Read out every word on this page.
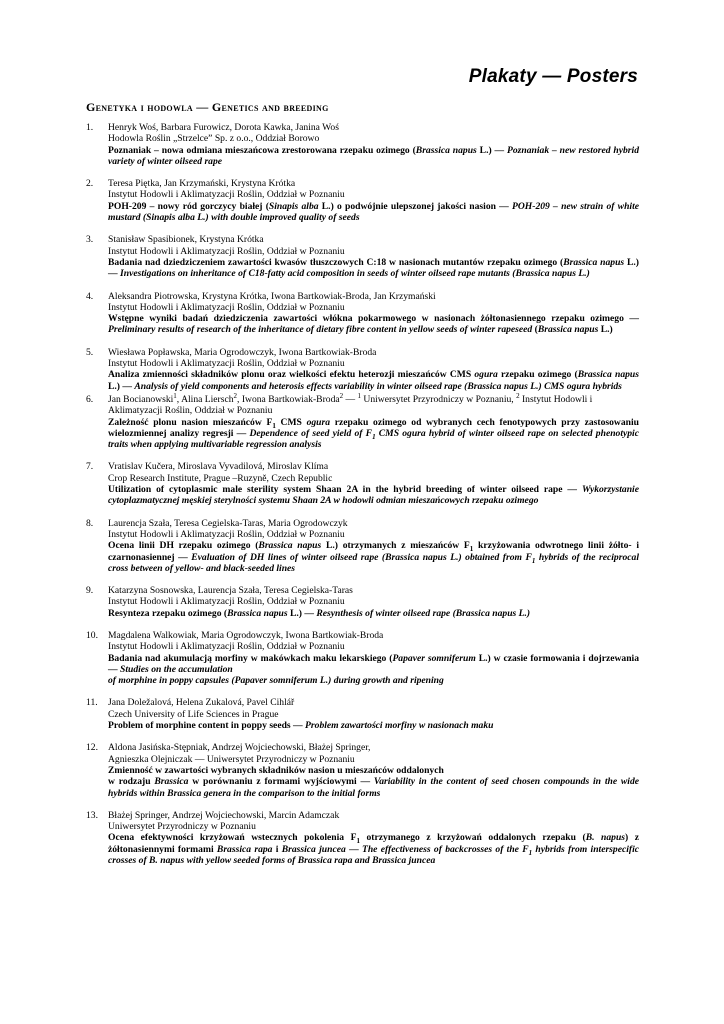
Plakaty — Posters
Genetyka i hodowla — Genetics and breeding
1. Henryk Woś, Barbara Furowicz, Dorota Kawka, Janina Woś
Hodowla Roślin „Strzelce” Sp. z o.o., Oddział Borowo
Poznaniak – nowa odmiana mieszańcowa zrestorowana rzepaku ozimego (Brassica napus L.) — Poznaniak – new restored hybrid variety of winter oilseed rape
2. Teresa Piętka, Jan Krzymański, Krystyna Krótka
Instytut Hodowli i Aklimatyzacji Roślin, Oddział w Poznaniu
POH-209 – nowy ród gorczycy białej (Sinapis alba L.) o podwójnie ulepszonej jakości nasion — POH-209 – new strain of white mustard (Sinapis alba L.) with double improved quality of seeds
3. Stanisław Spasibionek, Krystyna Krótka
Instytut Hodowli i Aklimatyzacji Roślin, Oddział w Poznaniu
Badania nad dziedziczeniem zawartości kwasów tłuszczowych C:18 w nasionach mutantów rzepaku ozimego (Brassica napus L.) — Investigations on inheritance of C18-fatty acid composition in seeds of winter oilseed rape mutants (Brassica napus L.)
4. Aleksandra Piotrowska, Krystyna Krótka, Iwona Bartkowiak-Broda, Jan Krzymański
Instytut Hodowli i Aklimatyzacji Roślin, Oddział w Poznaniu
Wstępne wyniki badań dziedziczenia zawartości włókna pokarmowego w nasionach żółtonasiennego rzepaku ozimego — Preliminary results of research of the inheritance of dietary fibre content in yellow seeds of winter rapeseed (Brassica napus L.)
5. Wiesława Popławska, Maria Ogrodowczyk, Iwona Bartkowiak-Broda
Instytut Hodowli i Aklimatyzacji Roślin, Oddział w Poznaniu
Analiza zmienności składników plonu oraz wielkości efektu heterozji mieszańców CMS ogura rzepaku ozimego (Brassica napus L.) — Analysis of yield components and heterosis effects variability in winter oilseed rape (Brassica napus L.) CMS ogura hybrids
6. Jan Bocianowski$^1$, Alina Liersch$^2$, Iwona Bartkowiak-Broda$^2$ — $^1$ Uniwersytet Przyrodniczy w Poznaniu, $^2$ Instytut Hodowli i Aklimatyzacji Roślin, Oddział w Poznaniu
Zależność plonu nasion mieszańców $F_1$ CMS ogura rzepaku ozimego od wybranych cech fenotypowych przy zastosowaniu wielozmiennej analizy regresji — Dependence of seed yield of $F_1$ CMS ogura hybrid of winter oilseed rape on selected phenotypic traits when applying multivariable regression analysis
7. Vratislav Kučera, Miroslava Vyvadilová, Miroslav Klíma
Crop Research Institute, Prague –Ruzyně, Czech Republic
Utilization of cytoplasmic male sterility system Shaan 2A in the hybrid breeding of winter oilseed rape — Wykorzystanie cytoplazmatycznej męskiej sterylności systemu Shaan 2A w hodowli odmian mieszańcowych rzepaku ozimego
8. Laurencja Szała, Teresa Cegielska-Taras, Maria Ogrodowczyk
Instytut Hodowli i Aklimatyzacji Roślin, Oddział w Poznaniu
Ocena linii DH rzepaku ozimego (Brassica napus L.) otrzymanych z mieszańców $F_1$ krzyżowania odwrotnego linii żółto- i czarnonasiennej — Evaluation of DH lines of winter oilseed rape (Brassica napus L.) obtained from $F_1$ hybrids of the reciprocal cross between of yellow- and black-seeded lines
9. Katarzyna Sosnowska, Laurencja Szała, Teresa Cegielska-Taras
Instytut Hodowli i Aklimatyzacji Roślin, Oddział w Poznaniu
Resynteza rzepaku ozimego (Brassica napus L.) — Resynthesis of winter oilseed rape (Brassica napus L.)
10. Magdalena Walkowiak, Maria Ogrodowczyk, Iwona Bartkowiak-Broda
Instytut Hodowli i Aklimatyzacji Roślin, Oddział w Poznaniu
Badania nad akumulacją morfiny w makówkach maku lekarskiego (Papaver somniferum L.) w czasie formowania i dojrzewania — Studies on the accumulation
of morphine in poppy capsules (Papaver somniferum L.) during growth and ripening
11. Jana Doležalová, Helena Zukalová, Pavel Cihlář
Czech University of Life Sciences in Prague
Problem of morphine content in poppy seeds — Problem zawartości morfiny w nasionach maku
12. Aldona Jasińska-Stępniak, Andrzej Wojciechowski, Błażej Springer,
Agnieszka Olejniczak — Uniwersytet Przyrodniczy w Poznaniu
Zmienność w zawartości wybranych składników nasion u mieszańców oddalonych
w rodzaju Brassica w porównaniu z formami wyjściowymi — Variability in the content of seed chosen compounds in the wide hybrids within Brassica genera in the comparison to the initial forms
13. Błażej Springer, Andrzej Wojciechowski, Marcin Adamczak
Uniwersytet Przyrodniczy w Poznaniu
Ocena efektywności krzyżowań wstecznych pokolenia $F_1$ otrzymanego z krzyżowań oddalonych rzepaku (B. napus) z żółtonasiennymi formami Brassica rapa i Brassica juncea — The effectiveness of backcrosses of the $F_1$ hybrids from interspecific crosses of B. napus with yellow seeded forms of Brassica rapa and Brassica juncea
